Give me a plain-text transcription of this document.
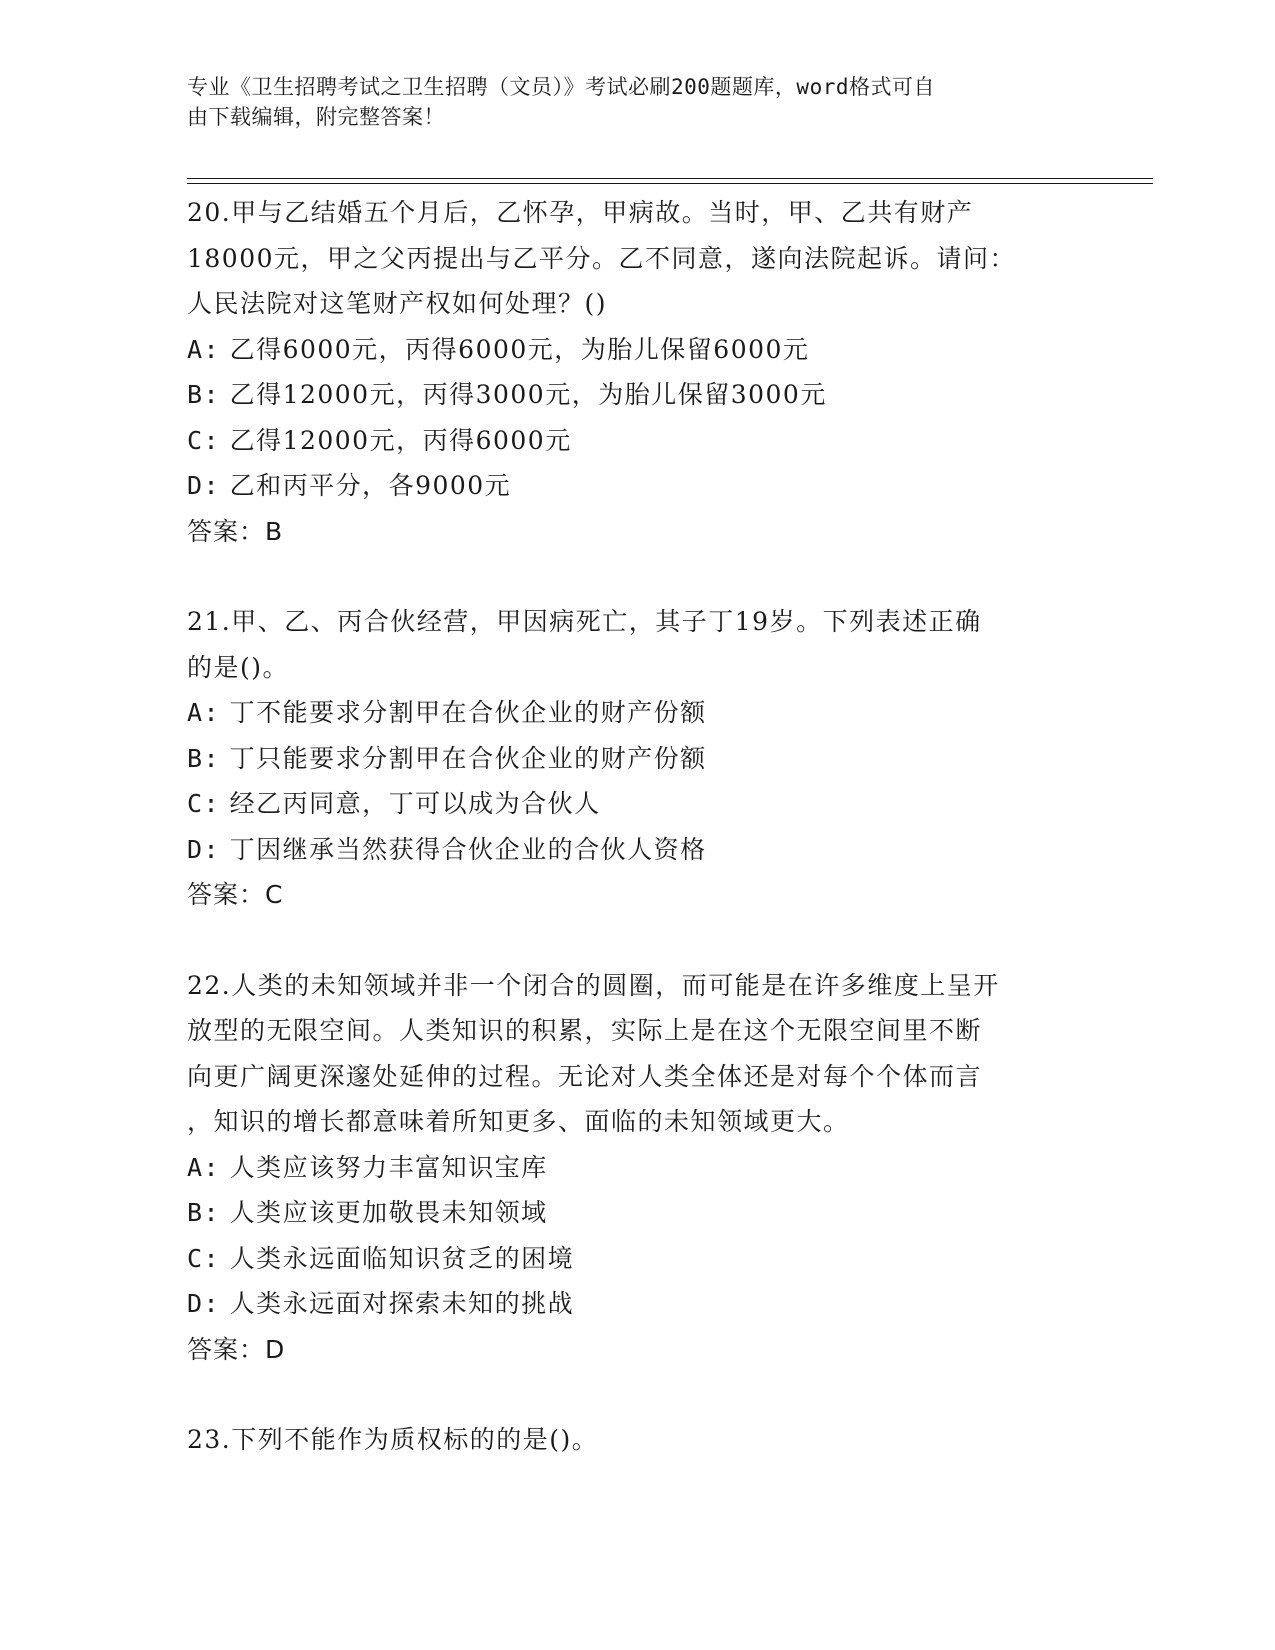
专业《卫生招聘考试之卫生招聘（文员）》考试必刷200题题库，word格式可自
由下载编辑，附完整答案！

20.甲与乙结婚五个月后，乙怀孕，甲病故。当时，甲、乙共有财产

18000元，甲之父丙提出与乙平分。乙不同意，遂向法院起诉。请问：

人民法院对这笔财产权如何处理？()

A: 乙得6000元，丙得6000元，为胎儿保留6000元

B: 乙得12000元，丙得3000元，为胎儿保留3000元

C: 乙得12000元，丙得6000元

D: 乙和丙平分，各9000元

答案：B

21.甲、乙、丙合伙经营，甲因病死亡，其子丁19岁。下列表述正确

的是()。

A: 丁不能要求分割甲在合伙企业的财产份额

B: 丁只能要求分割甲在合伙企业的财产份额

C: 经乙丙同意，丁可以成为合伙人

D: 丁因继承当然获得合伙企业的合伙人资格

答案：C

22.人类的未知领域并非一个闭合的圆圈，而可能是在许多维度上呈开

放型的无限空间。人类知识的积累，实际上是在这个无限空间里不断

向更广阔更深邃处延伸的过程。无论对人类全体还是对每个个体而言

，知识的增长都意味着所知更多、面临的未知领域更大。

A: 人类应该努力丰富知识宝库

B: 人类应该更加敬畏未知领域

C: 人类永远面临知识贫乏的困境

D: 人类永远面对探索未知的挑战

答案：D

23.下列不能作为质权标的的是()。
